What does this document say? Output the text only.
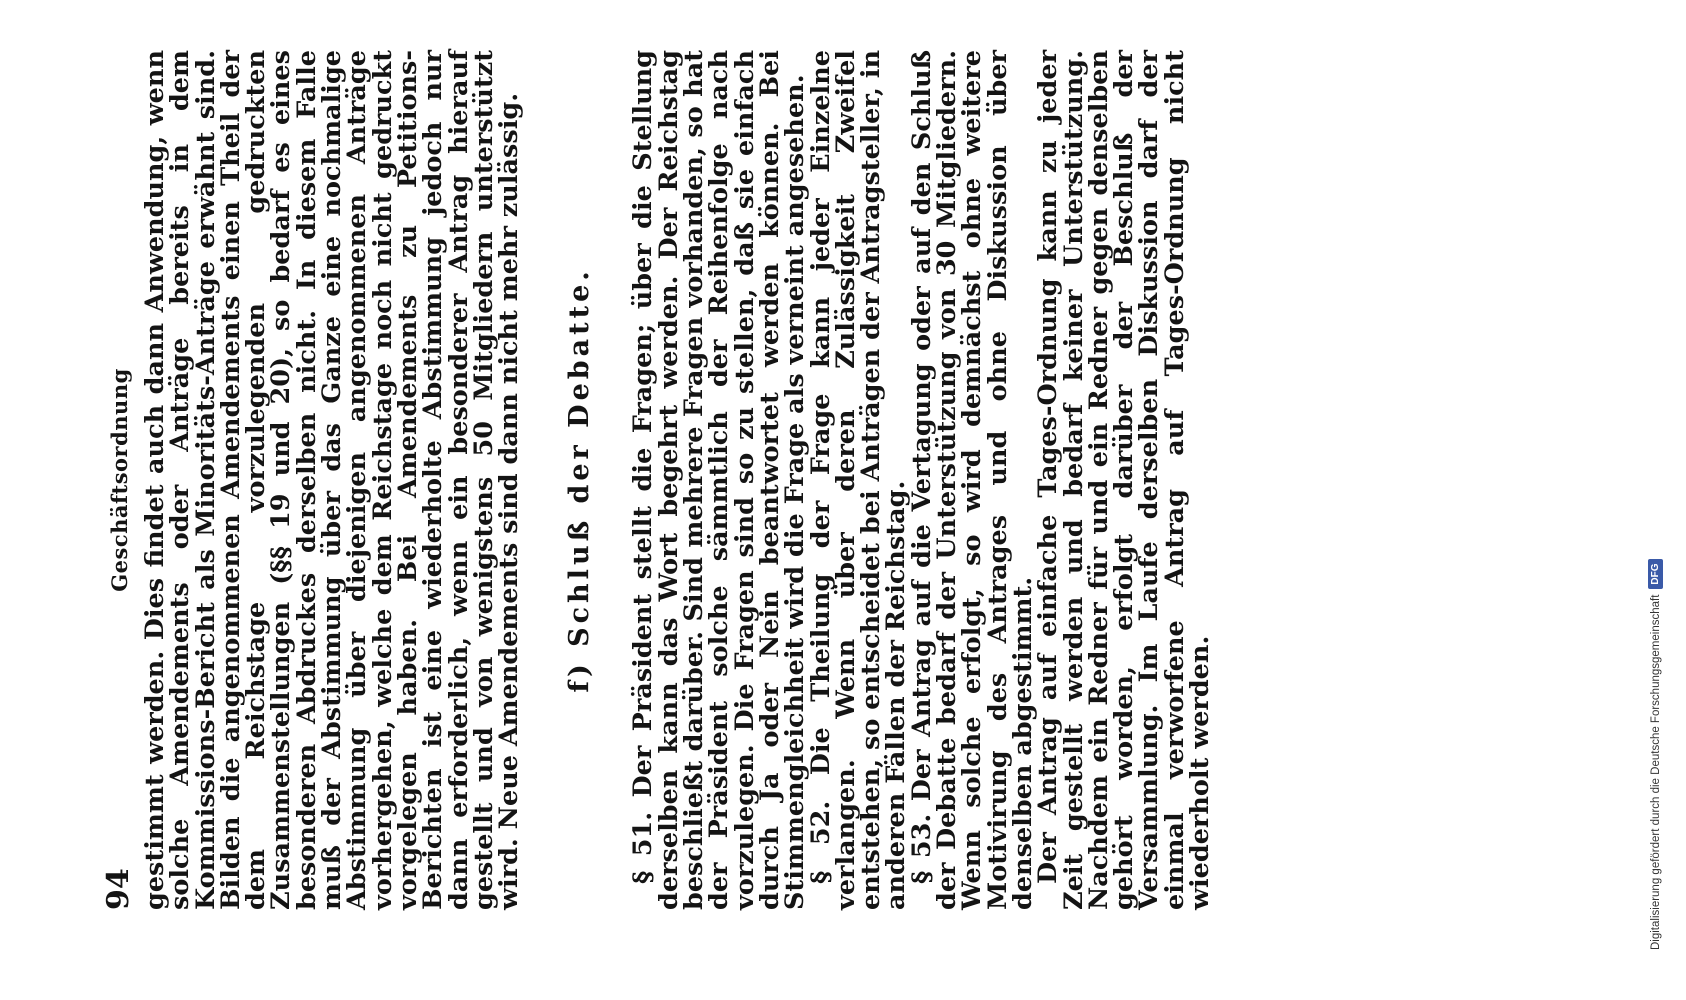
94
Geschäftsordnung gestimmt werden. Dies findet auch dann Anwendung, wenn solche Amendements oder Anträge bereits in dem Kommissions-Bericht als Minoritäts-Anträge erwähnt sind. Bilden die angenommenen Amendements einen Theil der dem Reichstage vorzulegenden gedruckten Zusammenstellungen (§§ 19 und 20), so bedarf es eines besonderen Abdruckes derselben nicht. In diesem Falle muß der Abstimmung über das Ganze eine nochmalige Abstimmung über diejenigen angenommenen Anträge vorhergehen, welche dem Reichstage noch nicht gedruckt vorgelegen haben. Bei Amendements zu Petitions-Berichten ist eine wiederholte Abstimmung jedoch nur dann erforderlich, wenn ein besonderer Antrag hierauf gestellt und von wenigstens 50 Mitgliedern unterstützt wird. Neue Amendements sind dann nicht mehr zulässig. f) Schluß der Debatte. § 51. Der Präsident stellt die Fragen; über die Stellung derselben kann das Wort begehrt werden. Der Reichstag beschließt darüber. Sind mehrere Fragen vorhanden, so hat der Präsident solche sämmtlich der Reihenfolge nach vorzulegen. Die Fragen sind so zu stellen, daß sie einfach durch Ja oder Nein beantwortet werden können. Bei Stimmengleichheit wird die Frage als verneint angesehen.

§ 52. Die Theilung der Frage kann jeder Einzelne verlangen. Wenn über deren Zulässigkeit Zweifel entstehen, so entscheidet bei Anträgen der Antragsteller, in anderen Fällen der Reichstag.

§ 53. Der Antrag auf die Vertagung oder auf den Schluß der Debatte bedarf der Unterstützung von 30 Mitgliedern. Wenn solche erfolgt, so wird demnächst ohne weitere Motivirung des Antrages und ohne Diskussion über denselben abgestimmt.

Der Antrag auf einfache Tages-Ordnung kann zu jeder Zeit gestellt werden und bedarf keiner Unterstützung. Nachdem ein Redner für und ein Redner gegen denselben gehört worden, erfolgt darüber der Beschluß der Versammlung. Im Laufe derselben Diskussion darf der einmal verworfene Antrag auf Tages-Ordnung nicht wiederholt werden.	Digitalisierung gefördert durch die Deutsche Forschungsgemeinschaft
DFG
